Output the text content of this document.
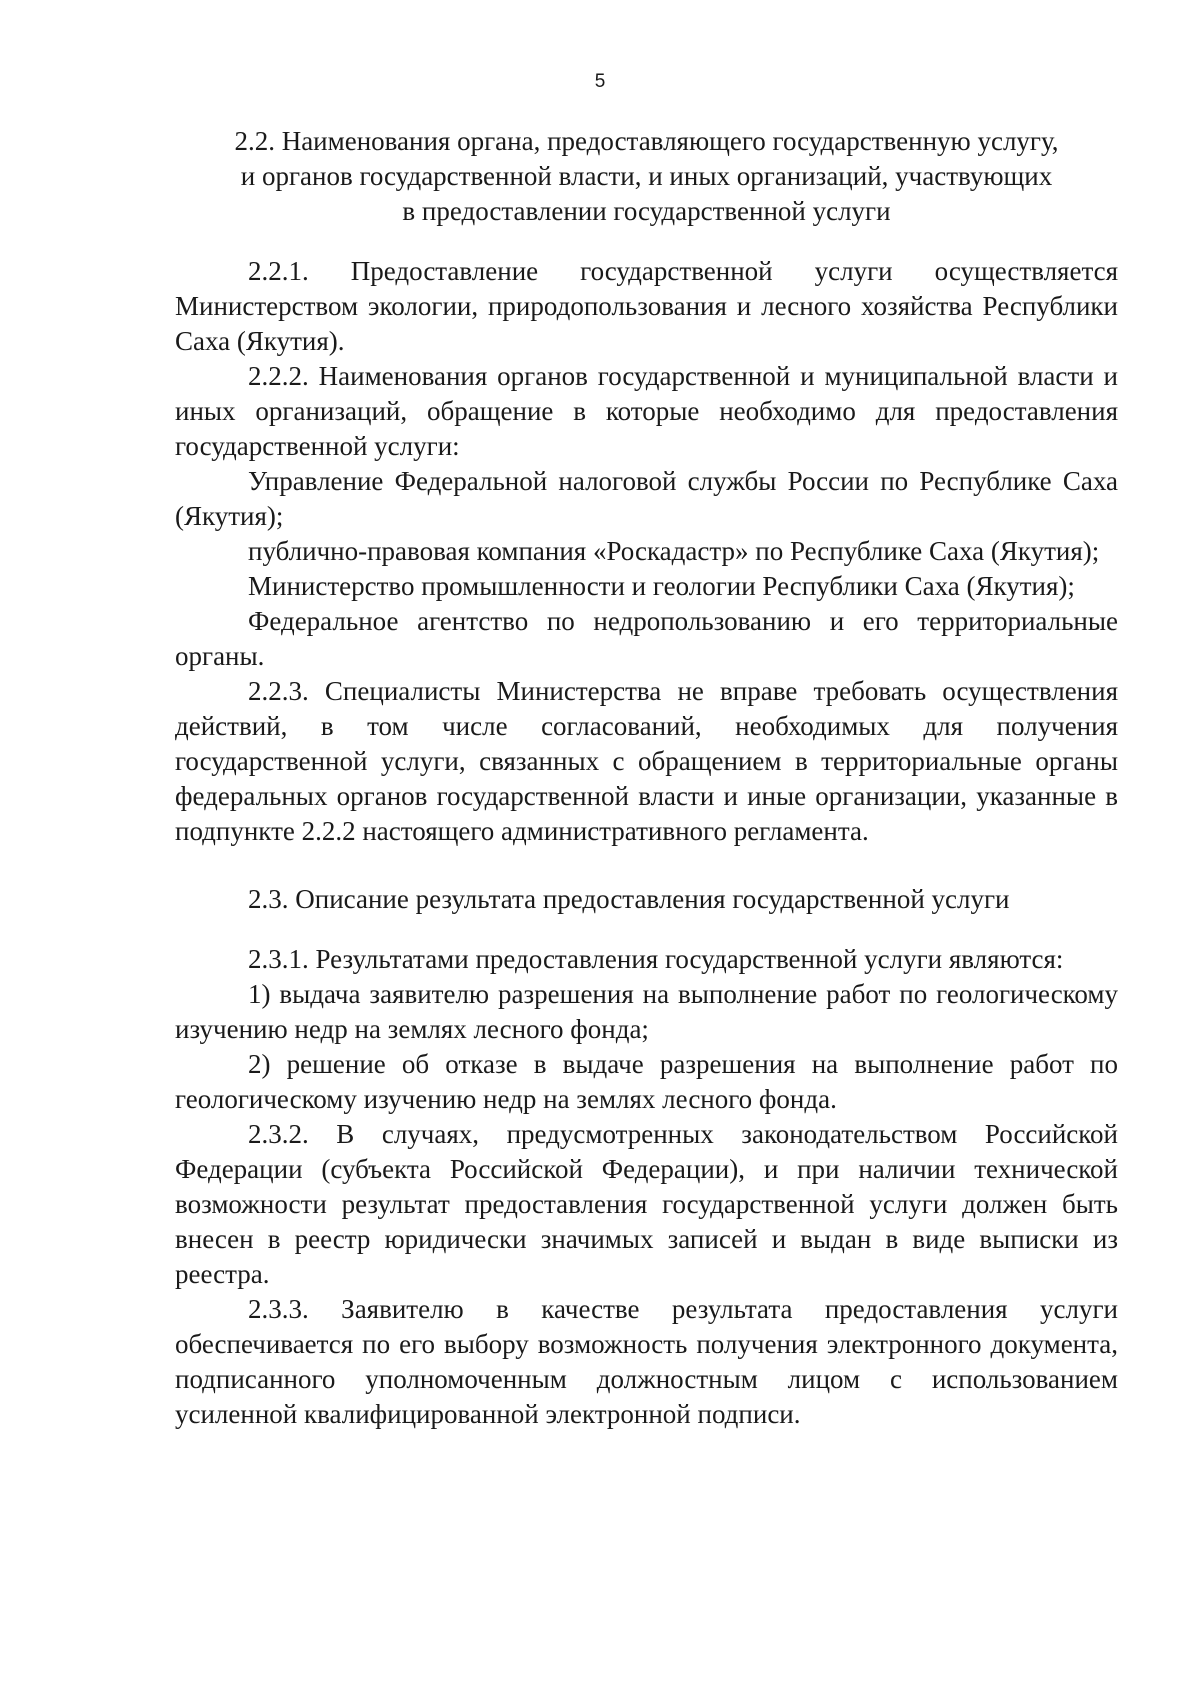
5
2.2. Наименования органа, предоставляющего государственную услугу,
и органов государственной власти, и иных организаций, участвующих
в предоставлении государственной услуги

2.2.1. Предоставление государственной услуги осуществляется Министерством экологии, природопользования и лесного хозяйства Республики Саха (Якутия).

2.2.2. Наименования органов государственной и муниципальной власти и иных организаций, обращение в которые необходимо для предоставления государственной услуги:

Управление Федеральной налоговой службы России по Республике Саха (Якутия);

публично-правовая компания «Роскадастр» по Республике Саха (Якутия);

Министерство промышленности и геологии Республики Саха (Якутия);

Федеральное агентство по недропользованию и его территориальные органы.

2.2.3. Специалисты Министерства не вправе требовать осуществления действий, в том числе согласований, необходимых для получения государственной услуги, связанных с обращением в территориальные органы федеральных органов государственной власти и иные организации, указанные в подпункте 2.2.2 настоящего административного регламента.

2.3. Описание результата предоставления государственной услуги

2.3.1. Результатами предоставления государственной услуги являются:

1) выдача заявителю разрешения на выполнение работ по геологическому изучению недр на землях лесного фонда;

2) решение об отказе в выдаче разрешения на выполнение работ по геологическому изучению недр на землях лесного фонда.

2.3.2. В случаях, предусмотренных законодательством Российской Федерации (субъекта Российской Федерации), и при наличии технической возможности результат предоставления государственной услуги должен быть внесен в реестр юридически значимых записей и выдан в виде выписки из реестра.

2.3.3. Заявителю в качестве результата предоставления услуги обеспечивается по его выбору возможность получения электронного документа, подписанного уполномоченным должностным лицом с использованием усиленной квалифицированной электронной подписи.
